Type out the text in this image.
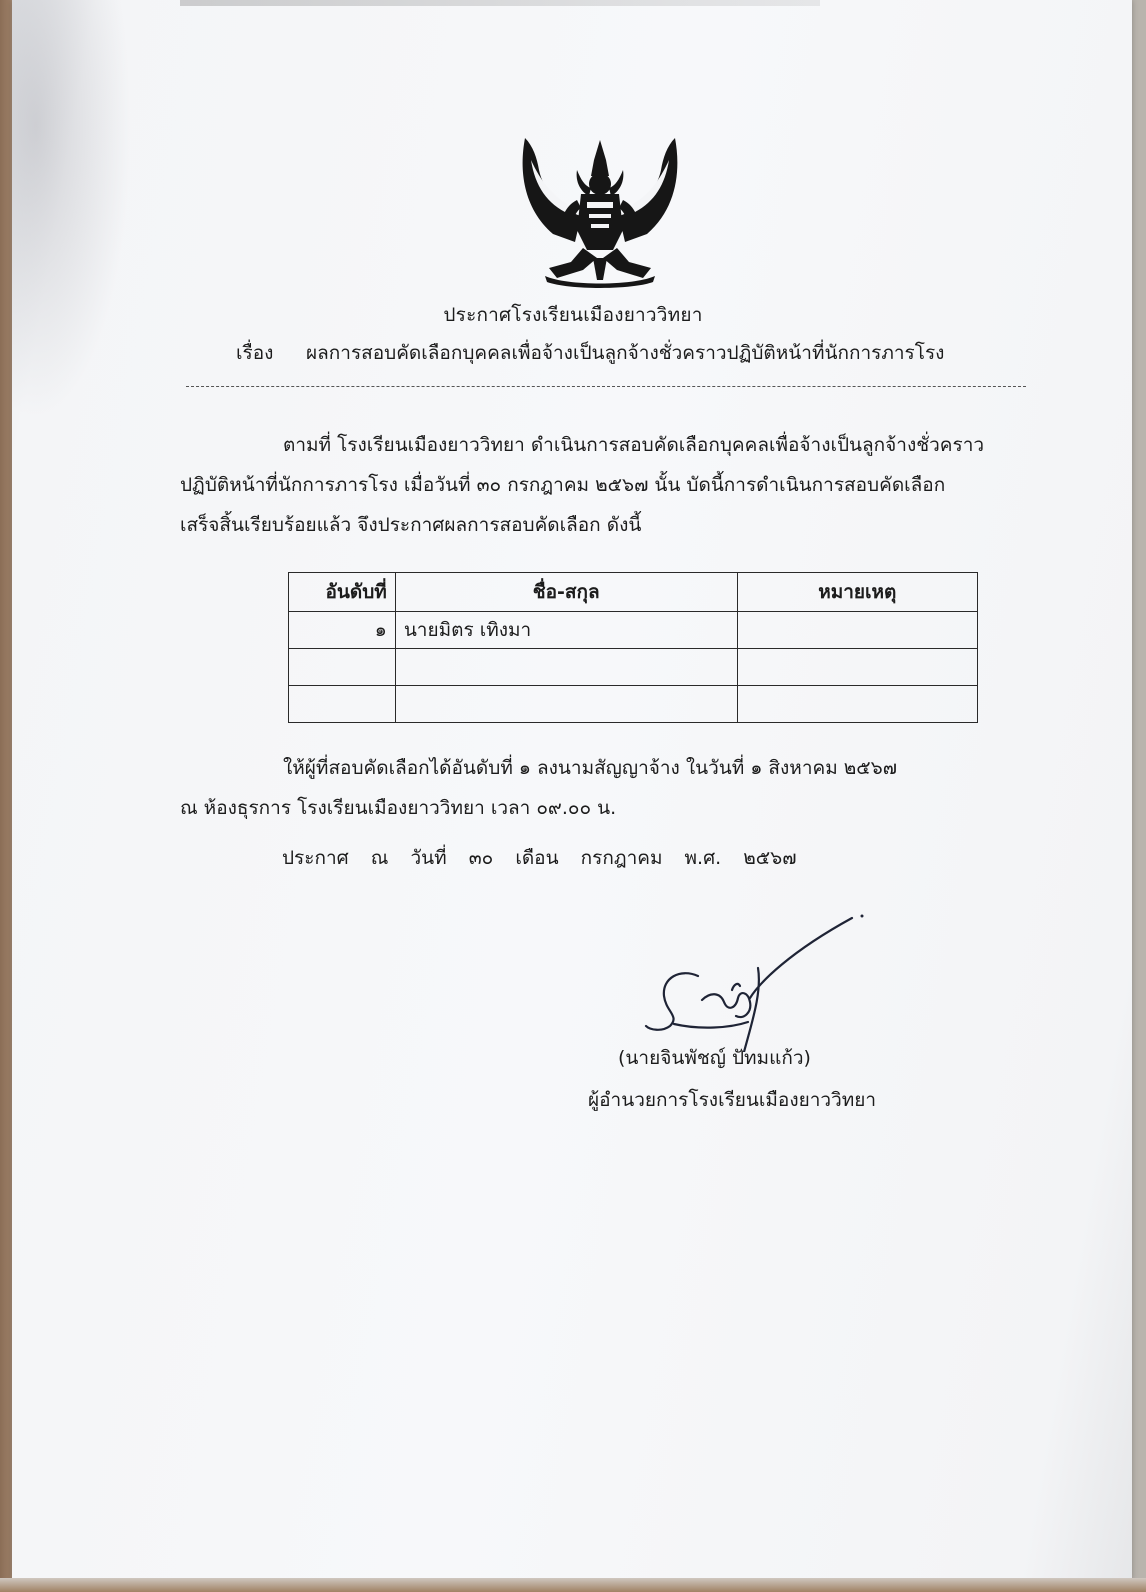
ประกาศโรงเรียนเมืองยาววิทยา
เรื่อง ผลการสอบคัดเลือกบุคคลเพื่อจ้างเป็นลูกจ้างชั่วคราวปฏิบัติหน้าที่นักการภารโรง
ตามที่ โรงเรียนเมืองยาววิทยา ดำเนินการสอบคัดเลือกบุคคลเพื่อจ้างเป็นลูกจ้างชั่วคราว
ปฏิบัติหน้าที่นักการภารโรง เมื่อวันที่ ๓๐ กรกฎาคม ๒๕๖๗ นั้น บัดนี้การดำเนินการสอบคัดเลือก
เสร็จสิ้นเรียบร้อยแล้ว จึงประกาศผลการสอบคัดเลือก ดังนี้
อันดับที่	ชื่อ-สกุล	หมายเหตุ
๑	นายมิตร เทิงมา	

ให้ผู้ที่สอบคัดเลือกได้อันดับที่ ๑ ลงนามสัญญาจ้าง ในวันที่ ๑ สิงหาคม ๒๕๖๗
ณ ห้องธุรการ โรงเรียนเมืองยาววิทยา เวลา ๐๙.๐๐ น.
ประกาศ ณ วันที่ ๓๐ เดือน กรกฎาคม พ.ศ. ๒๕๖๗
(นายจินพัชญ์ ปัทมแก้ว)
ผู้อำนวยการโรงเรียนเมืองยาววิทยา
